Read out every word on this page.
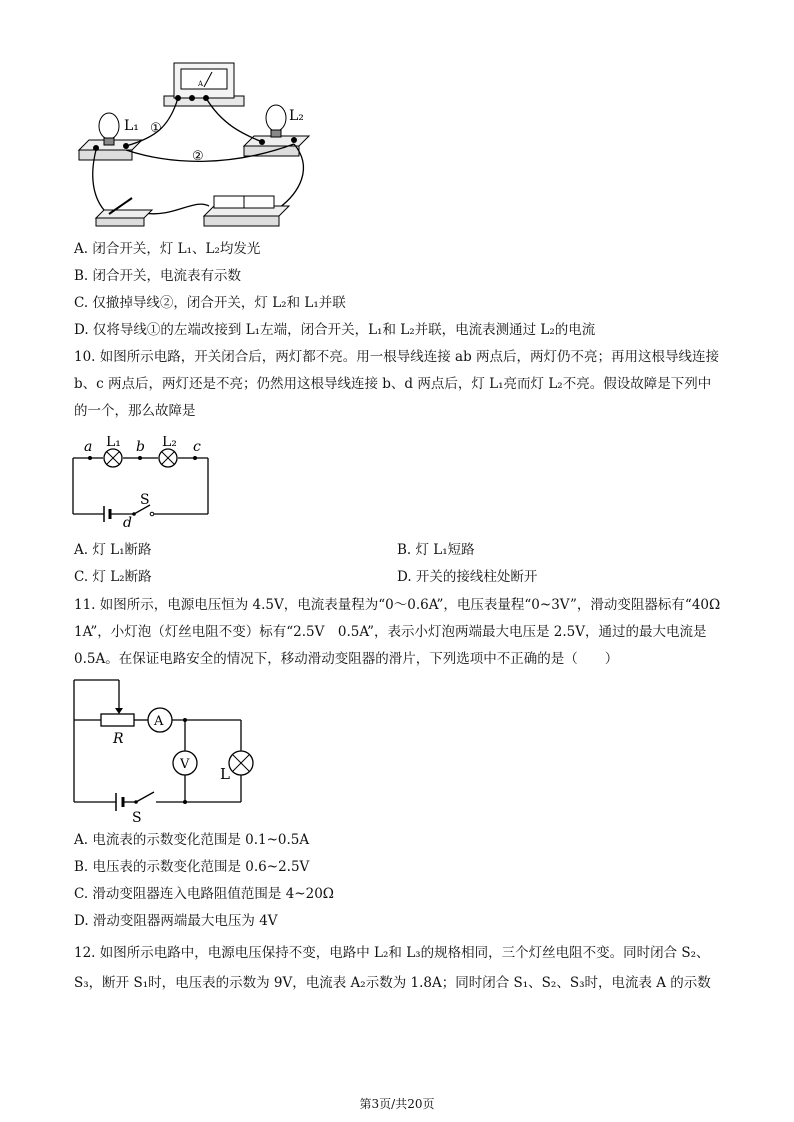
A
L₁
L₂
①
②
A. 闭合开关，灯 L₁、L₂均发光
B. 闭合开关，电流表有示数
C. 仅撤掉导线②，闭合开关，灯 L₂和 L₁并联
D. 仅将导线①的左端改接到 L₁左端，闭合开关，L₁和 L₂并联，电流表测通过 L₂的电流
10. 如图所示电路，开关闭合后，两灯都不亮。用一根导线连接 ab 两点后，两灯仍不亮；再用这根导线连接 b、c 两点后，两灯还是不亮；仍然用这根导线连接 b、d 两点后，灯 L₁亮而灯 L₂不亮。假设故障是下列中的一个，那么故障是
a	b	c
d
L₁	L₂
S
A. 灯 L₁断路	B. 灯 L₁短路
C. 灯 L₂断路	D. 开关的接线柱处断开
11. 如图所示，电源电压恒为 4.5V，电流表量程为“0～0.6A”，电压表量程“0~3V”，滑动变阻器标有“40Ω　1A”，小灯泡（灯丝电阻不变）标有“2.5V　0.5A”，表示小灯泡两端最大电压是 2.5V，通过的最大电流是 0.5A。在保证电路安全的情况下，移动滑动变阻器的滑片，下列选项中不正确的是（　　）
R
A
V
L
S
A. 电流表的示数变化范围是 0.1~0.5A
B. 电压表的示数变化范围是 0.6~2.5V
C. 滑动变阻器连入电路阻值范围是 4~20Ω
D. 滑动变阻器两端最大电压为 4V
12. 如图所示电路中，电源电压保持不变，电路中 L₂和 L₃的规格相同，三个灯丝电阻不变。同时闭合 S₂、S₃，断开 S₁时，电压表的示数为 9V，电流表 A₂示数为 1.8A；同时闭合 S₁、S₂、S₃时，电流表 A 的示数
第3页/共20页
